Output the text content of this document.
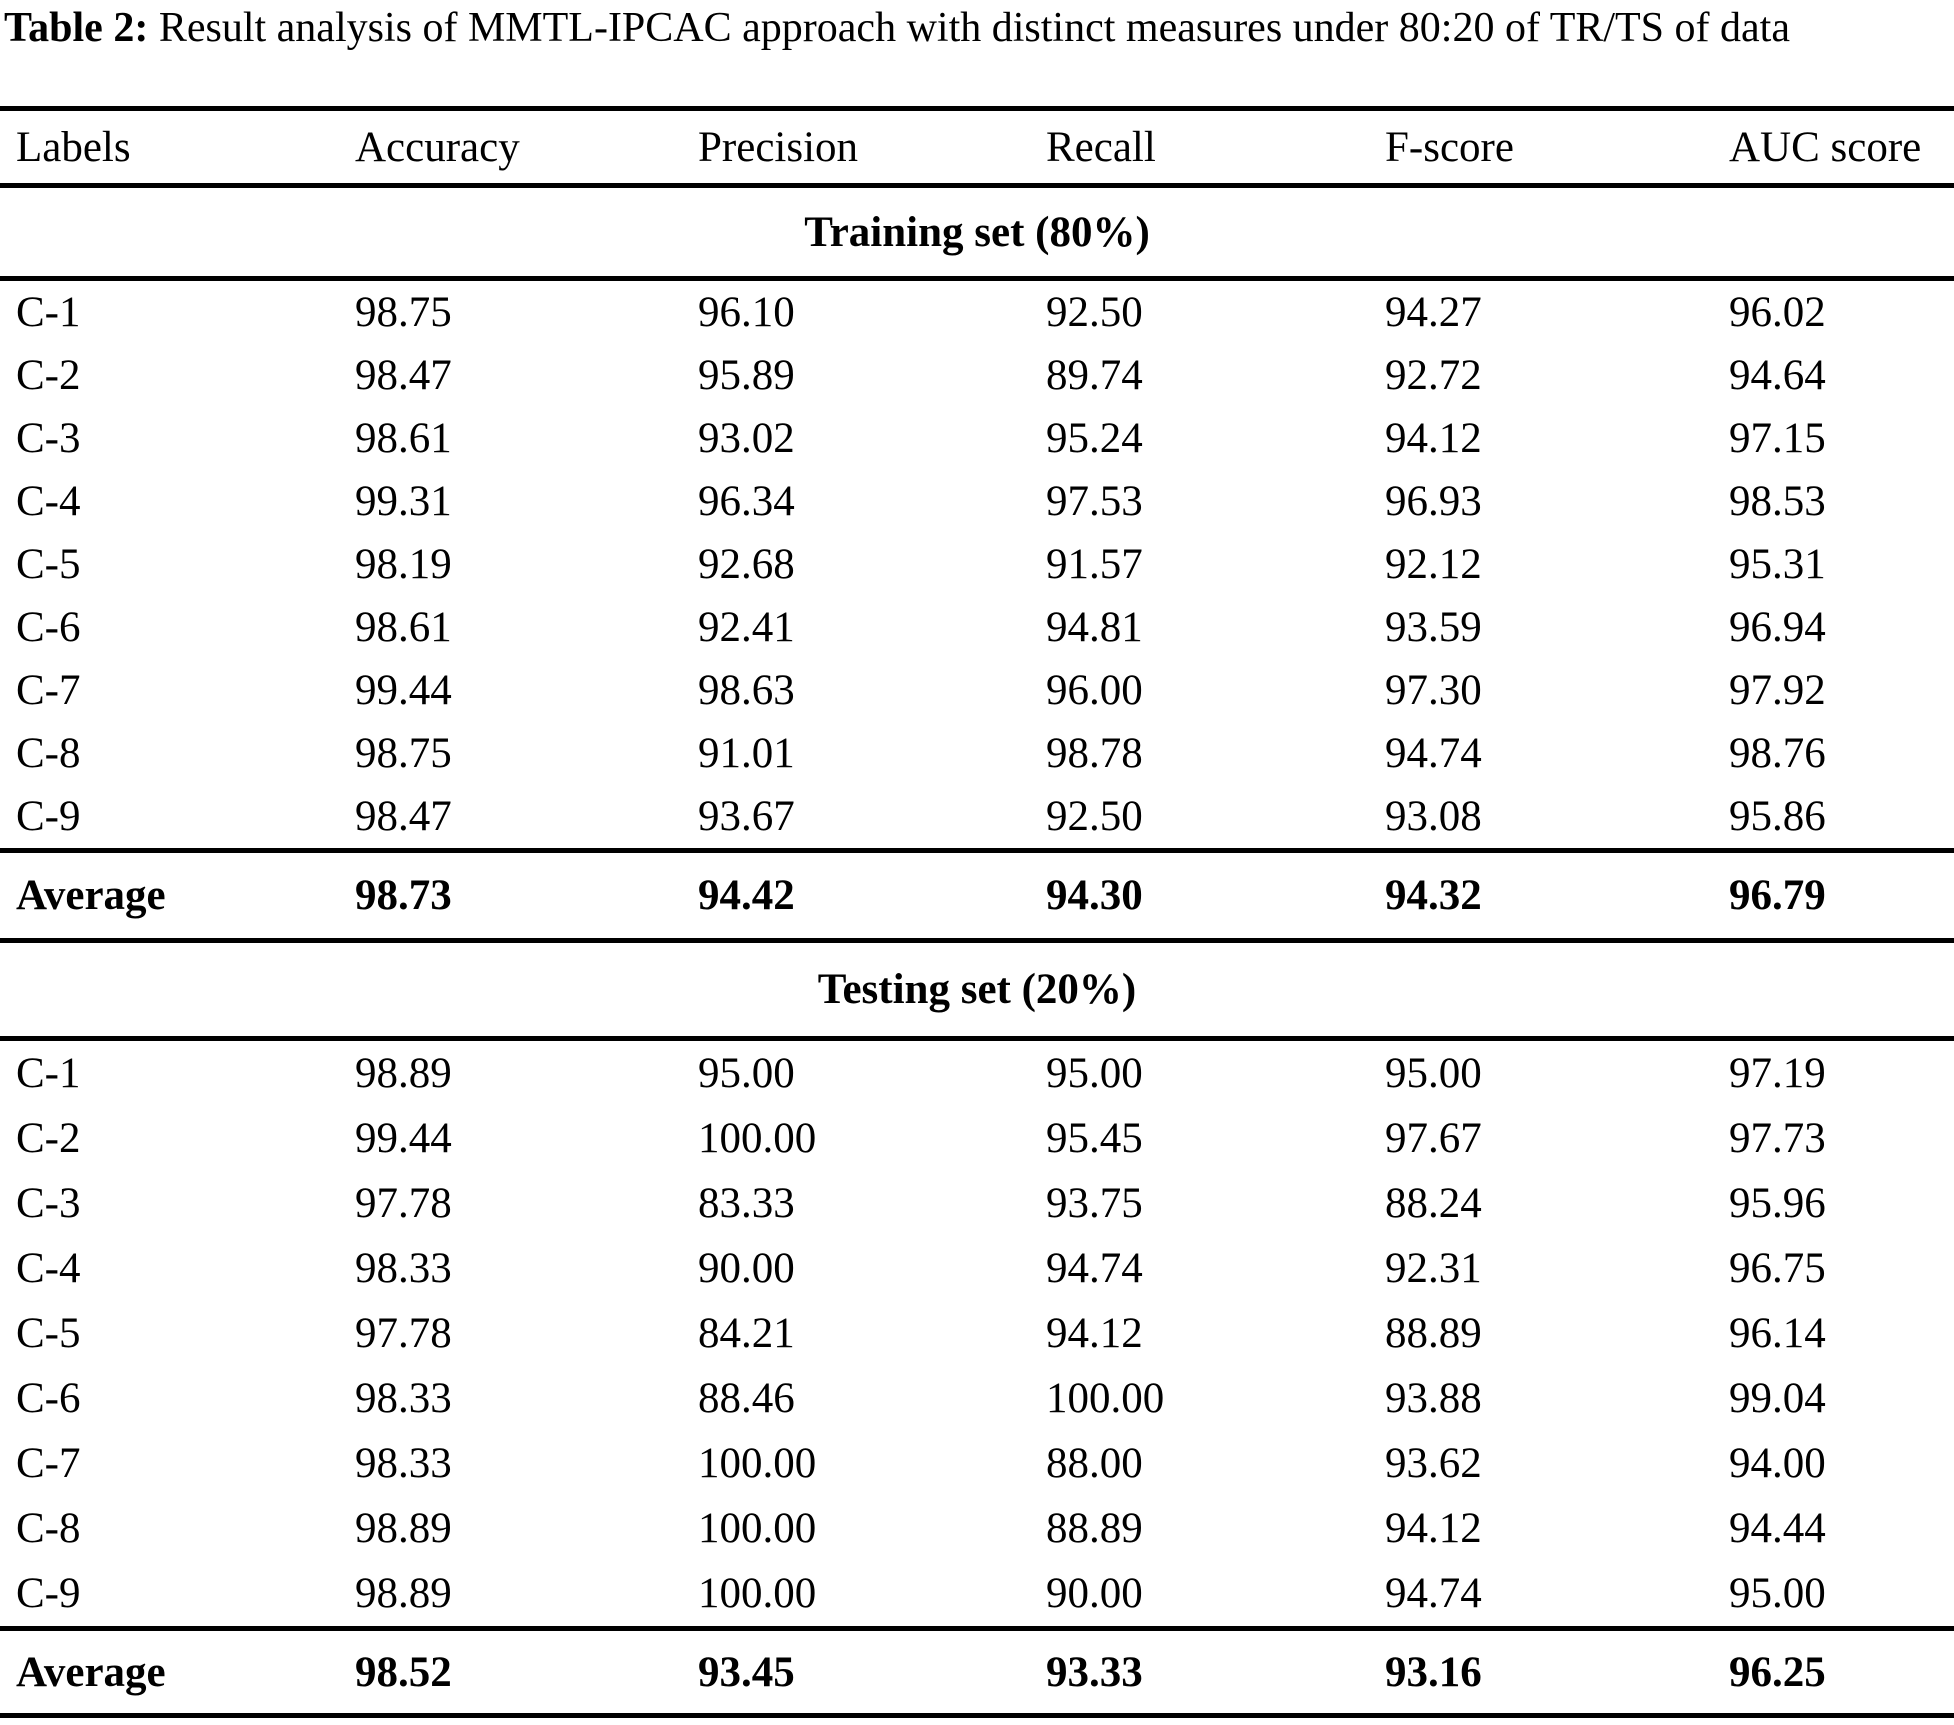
Table 2: Result analysis of MMTL-IPCAC approach with distinct measures under 80:20 of TR/TS of data
Labels	Accuracy	Precision	Recall	F-score	AUC score
Training set (80%)
C-1	98.75	96.10	92.50	94.27	96.02
C-2	98.47	95.89	89.74	92.72	94.64
C-3	98.61	93.02	95.24	94.12	97.15
C-4	99.31	96.34	97.53	96.93	98.53
C-5	98.19	92.68	91.57	92.12	95.31
C-6	98.61	92.41	94.81	93.59	96.94
C-7	99.44	98.63	96.00	97.30	97.92
C-8	98.75	91.01	98.78	94.74	98.76
C-9	98.47	93.67	92.50	93.08	95.86
Average	98.73	94.42	94.30	94.32	96.79
Testing set (20%)
C-1	98.89	95.00	95.00	95.00	97.19
C-2	99.44	100.00	95.45	97.67	97.73
C-3	97.78	83.33	93.75	88.24	95.96
C-4	98.33	90.00	94.74	92.31	96.75
C-5	97.78	84.21	94.12	88.89	96.14
C-6	98.33	88.46	100.00	93.88	99.04
C-7	98.33	100.00	88.00	93.62	94.00
C-8	98.89	100.00	88.89	94.12	94.44
C-9	98.89	100.00	90.00	94.74	95.00
Average	98.52	93.45	93.33	93.16	96.25
